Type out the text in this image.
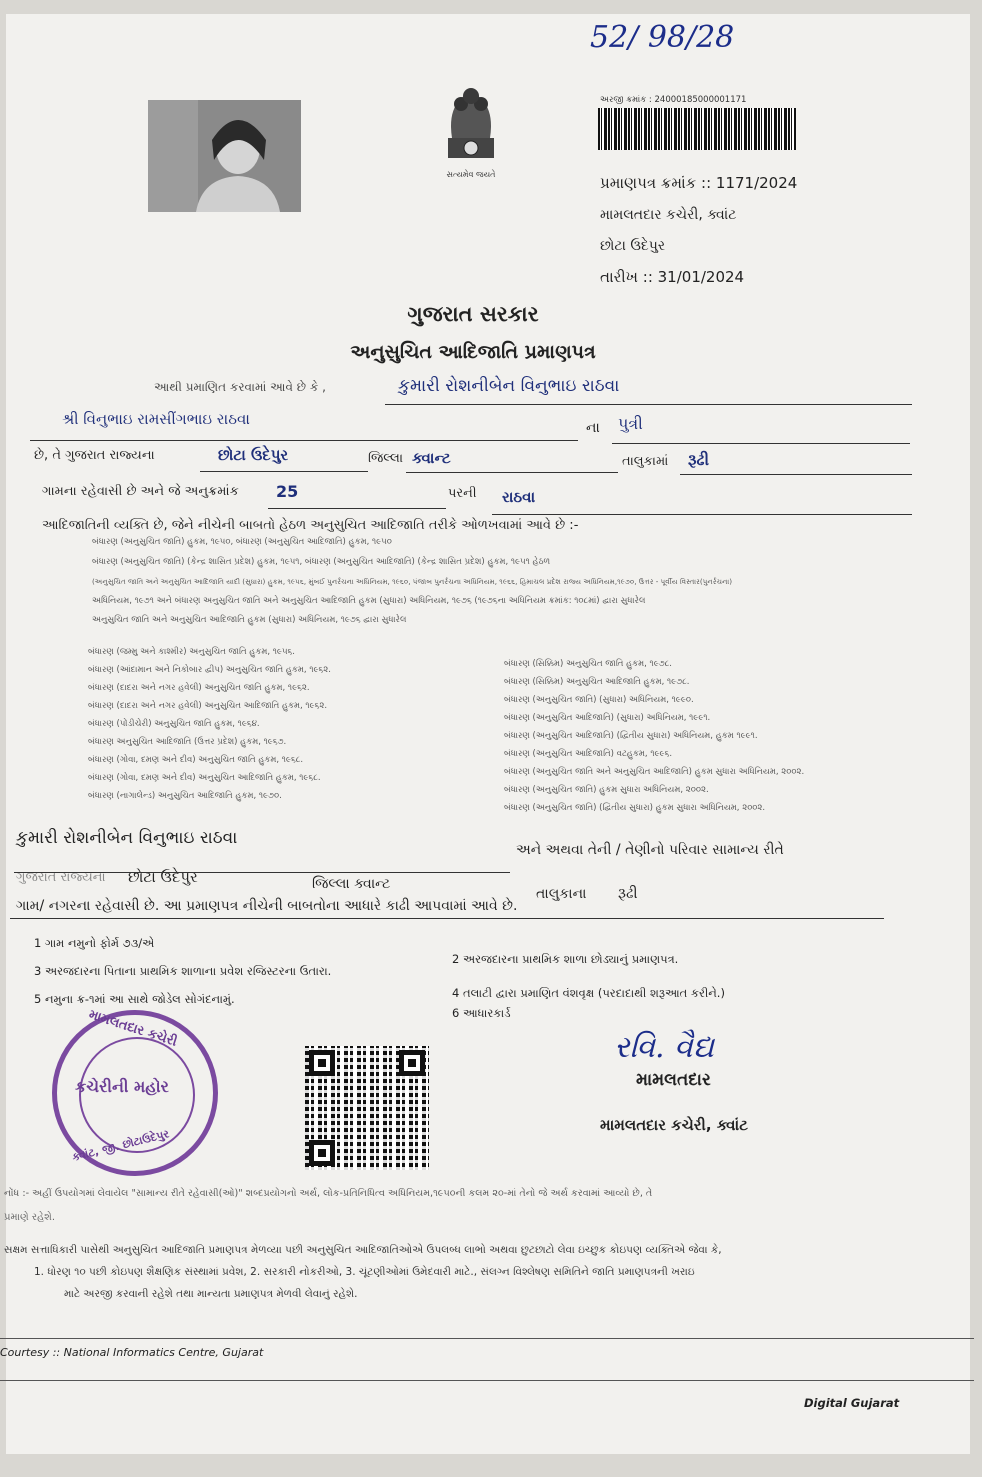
52/ 98/28
સત્યમેવ જયતે
અરજી ક્રમાંક : 24000185000001171
પ્રમાણપત્ર ક્રમાંક :: 1171/2024
મામલતદાર કચેરી, ક્વાંટ
છોટા ઉદેપુર
તારીખ :: 31/01/2024
ગુજરાત સરકાર
અનુસુચિત આદિજાતિ પ્રમાણપત્ર
આથી પ્રમાણિત કરવામાં આવે છે કે ,	કુમારી રોશનીબેન વિનુભાઇ રાઠવા
શ્રી વિનુભાઇ રામસીંગભાઇ રાઠવા	ના પુત્રી
છે, તે ગુજરાત રાજ્યના	છોટા ઉદેપુર	જિલ્લા ક્વાન્ટ	તાલુકામાં રૂઢી
ગામના રહેવાસી છે અને જે અનુક્રમાંક 25	પરની રાઠવા
આદિજાતિની વ્યક્તિ છે, જેને નીચેની બાબતો હેઠળ અનુસુચિત આદિજાતિ તરીકે ઓળખવામાં આવે છે :-
બંધારણ (અનુસુચિત જાતિ) હુકમ, ૧૯૫૦, બંધારણ (અનુસુચિત આદિજાતિ) હુકમ, ૧૯૫૦
બંધારણ (અનુસુચિત જાતિ) (કેન્દ્ર શાસિત પ્રદેશ) હુકમ, ૧૯૫૧, બંધારણ (અનુસુચિત આદિજાતિ) (કેન્દ્ર શાસિત પ્રદેશ) હુકમ, ૧૯૫૧ હેઠળ
(અનુસુચિત જાતિ અને અનુસુચિત આદિજાતિ યાદી (સુધારા) હુકમ, ૧૯૫૬, મુંબઈ પુનર્રચના અધિનિયમ, ૧૯૬૦, પંજાબ પુનર્રચના અધિનિયમ, ૧૯૬૬, હિમાચલ પ્રદેશ રાજ્ય અધિનિયમ,૧૯૭૦, ઉત્તર - પૂર્વીય વિસ્તાર(પુનર્રચના)
અધિનિયમ, ૧૯૭૧ અને બંધારણ અનુસુચિત જાતિ અને અનુસુચિત આદિજાતિ હુકમ (સુધારા) અધિનિયમ, ૧૯૭૬ (૧૯૭૬ના અધિનિયમ ક્રમાંક: ૧૦૮માં) દ્વારા સુધારેલ
અનુસુચિત જાતિ અને અનુસુચિત આદિજાતિ હુકમ (સુધારા) અધિનિયમ, ૧૯૭૬ દ્વારા સુધારેલ
બંધારણ (જમ્મુ અને કાશ્મીર) અનુસુચિત જાતિ હુકમ, ૧૯૫૬.
બંધારણ (આંદામાન અને નિકોબાર દ્વીપ) અનુસુચિત જાતિ હુકમ, ૧૯૬૨.
બંધારણ (દાદરા અને નગર હવેલી) અનુસુચિત જાતિ હુકમ, ૧૯૬૨.
બંધારણ (દાદરા અને નગર હવેલી) અનુસુચિત આદિજાતિ હુકમ, ૧૯૬૨.
બંધારણ (પોંડીચેરી) અનુસુચિત જાતિ હુકમ, ૧૯૬૪.
બંધારણ અનુસુચિત આદિજાતિ (ઉત્તર પ્રદેશ) હુકમ, ૧૯૬૭.
બંધારણ (ગોવા, દમણ અને દીવ) અનુસુચિત જાતિ હુકમ, ૧૯૬૮.
બંધારણ (ગોવા, દમણ અને દીવ) અનુસુચિત આદિજાતિ હુકમ, ૧૯૬૮.
બંધારણ (નાગાલેન્ડ) અનુસુચિત આદિજાતિ હુકમ, ૧૯૭૦.
બંધારણ (સિક્કિમ) અનુસુચિત જાતિ હુકમ, ૧૯૭૮.
બંધારણ (સિક્કિમ) અનુસુચિત આદિજાતિ હુકમ, ૧૯૭૮.
બંધારણ (અનુસુચિત જાતિ) (સુધારા) અધિનિયમ, ૧૯૯૦.
બંધારણ (અનુસુચિત આદિજાતિ) (સુધારા) અધિનિયમ, ૧૯૯૧.
બંધારણ (અનુસુચિત આદિજાતિ) (દ્વિતીય સુધારા) અધિનિયમ, હુકમ ૧૯૯૧.
બંધારણ (અનુસુચિત આદિજાતિ) વટહુકમ, ૧૯૯૬.
બંધારણ (અનુસુચિત જાતિ અને અનુસુચિત આદિજાતિ) હુકમ સુધારા અધિનિયમ, ૨૦૦૨.
બંધારણ (અનુસુચિત જાતિ) હુકમ સુધારા અધિનિયમ, ૨૦૦૨.
બંધારણ (અનુસુચિત જાતિ) (દ્વિતીય સુધારા) હુકમ સુધારા અધિનિયમ, ૨૦૦૨.
કુમારી રોશનીબેન વિનુભાઇ રાઠવા
અને અથવા તેની / તેણીનો પરિવાર સામાન્ય રીતે
ગુજરાત રાજ્યના છોટા ઉદેપુર	જિલ્લા ક્વાન્ટ
તાલુકાના રૂઢી
ગામ/ નગરના રહેવાસી છે. આ પ્રમાણપત્ર નીચેની બાબતોના આધારે કાઢી આપવામાં આવે છે.
1 ગામ નમુનો ફોર્મ ૭૩/એ
2 અરજદારના પ્રાથમિક શાળા છોડ્યાનું પ્રમાણપત્ર.
3 અરજદારના પિતાના પ્રાથમિક શાળાના પ્રવેશ રજિસ્ટરના ઉતારા.
4 તલાટી દ્વારા પ્રમાણિત વંશવૃક્ષ (પરદાદાથી શરૂઆત કરીને.)
5 નમુના ક્ર-૧માં આ સાથે જોડેલ સોગંદનામું.
6 આધારકાર્ડ
મામલતદાર કચેરી
કચેરીની મહોર
ક્વાંટ, જી. છોટાઉદેપુર
રવિ. વૈદ્ય
મામલતદાર
મામલતદાર કચેરી, ક્વાંટ
નોંધ :- અહીં ઉપયોગમાં લેવાયેલ "સામાન્ય રીતે રહેવાસી(ઓ)" શબ્દપ્રયોગનો અર્થ, લોક-પ્રતિનિધિત્વ અધિનિયમ,૧૯૫૦ની કલમ ૨૦-માં તેનો જે અર્થ કરવામાં આવ્યો છે, તે
પ્રમાણે રહેશે.
સક્ષમ સત્તાધિકારી પાસેથી અનુસુચિત આદિજાતિ પ્રમાણપત્ર મેળવ્યા પછી અનુસુચિત આદિજાતિઓએ ઉપલબ્ધ લાભો અથવા છુટછાટો લેવા ઇચ્છુક કોઇપણ વ્યક્તિએ જેવા કે,
1. ધોરણ ૧૦ પછી કોઇપણ શૈક્ષણિક સંસ્થામાં પ્રવેશ, 2. સરકારી નોકરીઓ, 3. ચૂંટણીઓમાં ઉમેદવારી માટે., સંલગ્ન વિશ્લેષણ સમિતિને જાતિ પ્રમાણપત્રની ખરાઇ
માટે અરજી કરવાની રહેશે તથા માન્યતા પ્રમાણપત્ર મેળવી લેવાનું રહેશે.
Courtesy :: National Informatics Centre, Gujarat
Digital Gujarat
